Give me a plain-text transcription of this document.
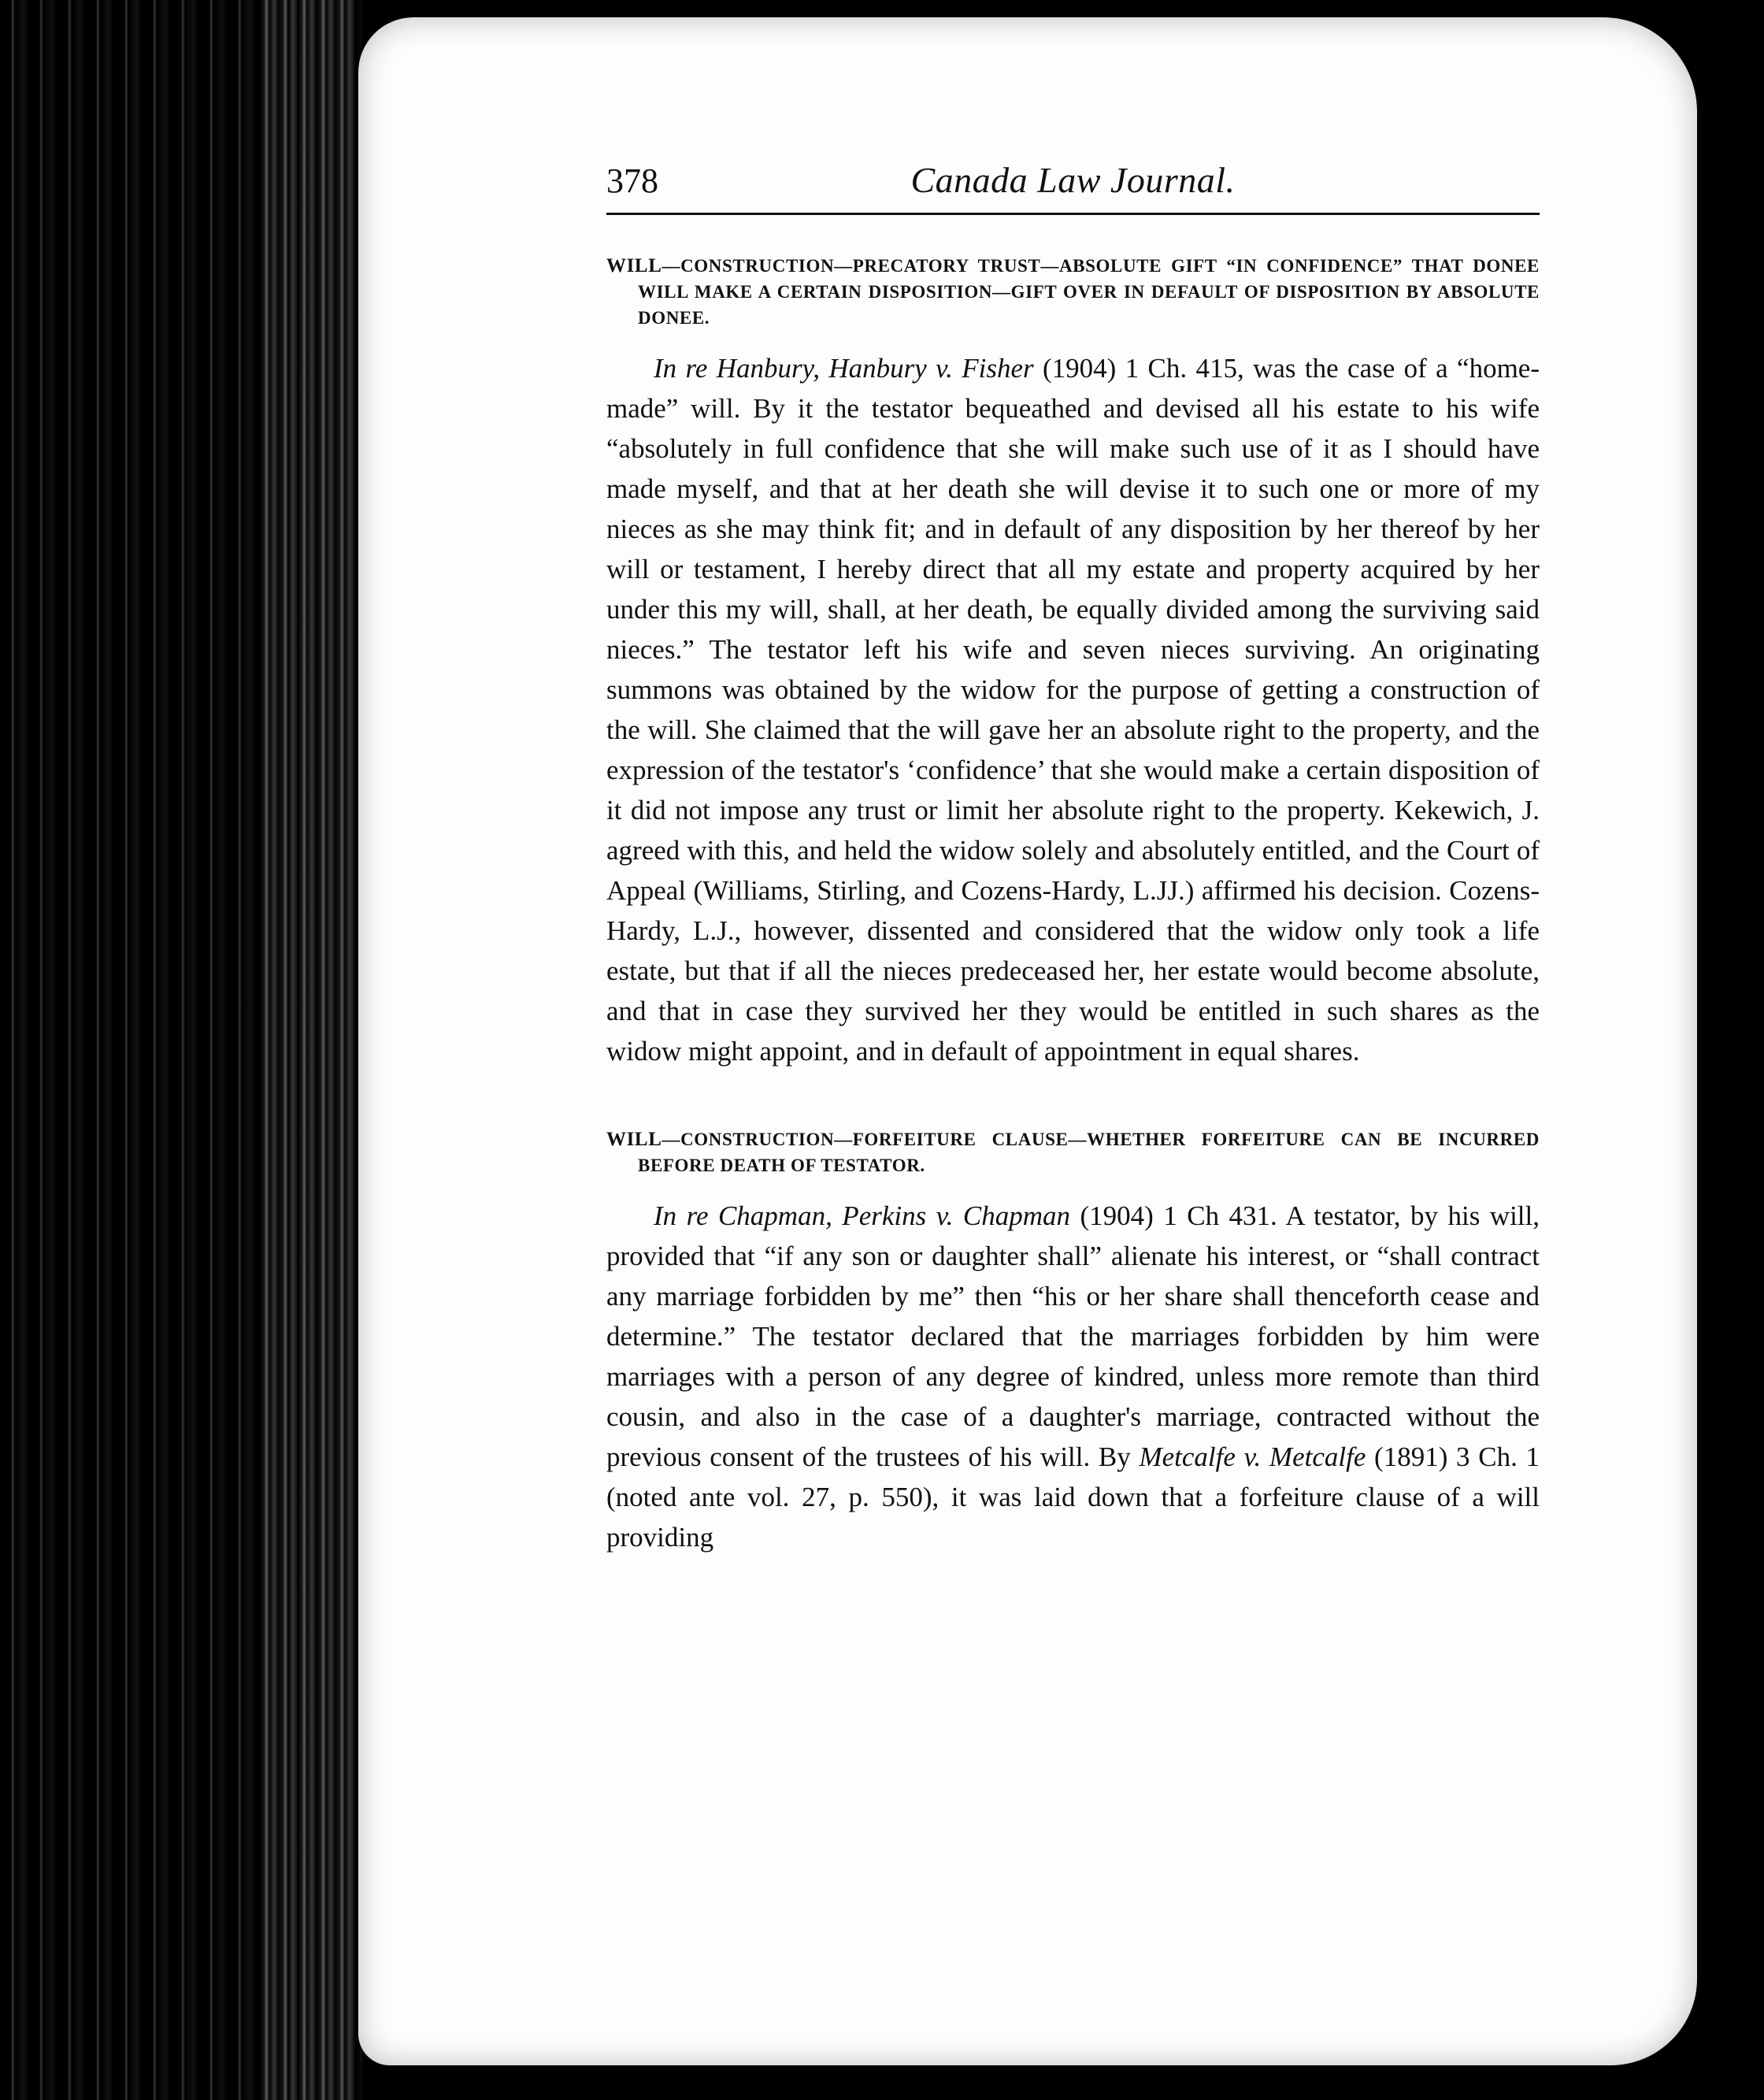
378	Canada Law Journal.

WILL—CONSTRUCTION—PRECATORY TRUST—ABSOLUTE GIFT “IN CONFIDENCE” THAT DONEE WILL MAKE A CERTAIN DISPOSITION—GIFT OVER IN DEFAULT OF DISPOSITION BY ABSOLUTE DONEE.

In re Hanbury, Hanbury v. Fisher (1904) 1 Ch. 415, was the case of a “home-made” will. By it the testator bequeathed and devised all his estate to his wife “absolutely in full confidence that she will make such use of it as I should have made myself, and that at her death she will devise it to such one or more of my nieces as she may think fit; and in default of any disposition by her thereof by her will or testament, I hereby direct that all my estate and property acquired by her under this my will, shall, at her death, be equally divided among the surviving said nieces.” The testator left his wife and seven nieces surviving. An originating summons was obtained by the widow for the purpose of getting a construction of the will. She claimed that the will gave her an absolute right to the property, and the expression of the testator's ‘confidence’ that she would make a certain disposition of it did not impose any trust or limit her absolute right to the property. Kekewich, J. agreed with this, and held the widow solely and absolutely entitled, and the Court of Appeal (Williams, Stirling, and Cozens-Hardy, L.JJ.) affirmed his decision. Cozens-Hardy, L.J., however, dissented and considered that the widow only took a life estate, but that if all the nieces predeceased her, her estate would become absolute, and that in case they survived her they would be entitled in such shares as the widow might appoint, and in default of appointment in equal shares.

WILL—CONSTRUCTION—FORFEITURE CLAUSE—WHETHER FORFEITURE CAN BE INCURRED BEFORE DEATH OF TESTATOR.

In re Chapman, Perkins v. Chapman (1904) 1 Ch 431. A testator, by his will, provided that “if any son or daughter shall” alienate his interest, or “shall contract any marriage forbidden by me” then “his or her share shall thenceforth cease and determine.” The testator declared that the marriages forbidden by him were marriages with a person of any degree of kindred, unless more remote than third cousin, and also in the case of a daughter's marriage, contracted without the previous consent of the trustees of his will. By Metcalfe v. Metcalfe (1891) 3 Ch. 1 (noted ante vol. 27, p. 550), it was laid down that a forfeiture clause of a will providing
